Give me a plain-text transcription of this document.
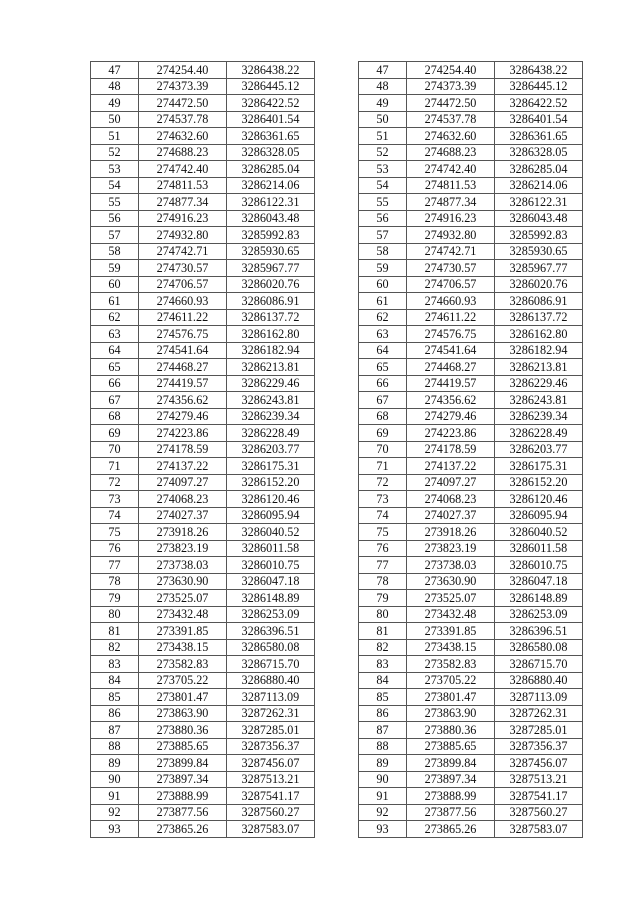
47	274254.40	3286438.22
48	274373.39	3286445.12
49	274472.50	3286422.52
50	274537.78	3286401.54
51	274632.60	3286361.65
52	274688.23	3286328.05
53	274742.40	3286285.04
54	274811.53	3286214.06
55	274877.34	3286122.31
56	274916.23	3286043.48
57	274932.80	3285992.83
58	274742.71	3285930.65
59	274730.57	3285967.77
60	274706.57	3286020.76
61	274660.93	3286086.91
62	274611.22	3286137.72
63	274576.75	3286162.80
64	274541.64	3286182.94
65	274468.27	3286213.81
66	274419.57	3286229.46
67	274356.62	3286243.81
68	274279.46	3286239.34
69	274223.86	3286228.49
70	274178.59	3286203.77
71	274137.22	3286175.31
72	274097.27	3286152.20
73	274068.23	3286120.46
74	274027.37	3286095.94
75	273918.26	3286040.52
76	273823.19	3286011.58
77	273738.03	3286010.75
78	273630.90	3286047.18
79	273525.07	3286148.89
80	273432.48	3286253.09
81	273391.85	3286396.51
82	273438.15	3286580.08
83	273582.83	3286715.70
84	273705.22	3286880.40
85	273801.47	3287113.09
86	273863.90	3287262.31
87	273880.36	3287285.01
88	273885.65	3287356.37
89	273899.84	3287456.07
90	273897.34	3287513.21
91	273888.99	3287541.17
92	273877.56	3287560.27
93	273865.26	3287583.07
47	274254.40	3286438.22
48	274373.39	3286445.12
49	274472.50	3286422.52
50	274537.78	3286401.54
51	274632.60	3286361.65
52	274688.23	3286328.05
53	274742.40	3286285.04
54	274811.53	3286214.06
55	274877.34	3286122.31
56	274916.23	3286043.48
57	274932.80	3285992.83
58	274742.71	3285930.65
59	274730.57	3285967.77
60	274706.57	3286020.76
61	274660.93	3286086.91
62	274611.22	3286137.72
63	274576.75	3286162.80
64	274541.64	3286182.94
65	274468.27	3286213.81
66	274419.57	3286229.46
67	274356.62	3286243.81
68	274279.46	3286239.34
69	274223.86	3286228.49
70	274178.59	3286203.77
71	274137.22	3286175.31
72	274097.27	3286152.20
73	274068.23	3286120.46
74	274027.37	3286095.94
75	273918.26	3286040.52
76	273823.19	3286011.58
77	273738.03	3286010.75
78	273630.90	3286047.18
79	273525.07	3286148.89
80	273432.48	3286253.09
81	273391.85	3286396.51
82	273438.15	3286580.08
83	273582.83	3286715.70
84	273705.22	3286880.40
85	273801.47	3287113.09
86	273863.90	3287262.31
87	273880.36	3287285.01
88	273885.65	3287356.37
89	273899.84	3287456.07
90	273897.34	3287513.21
91	273888.99	3287541.17
92	273877.56	3287560.27
93	273865.26	3287583.07
